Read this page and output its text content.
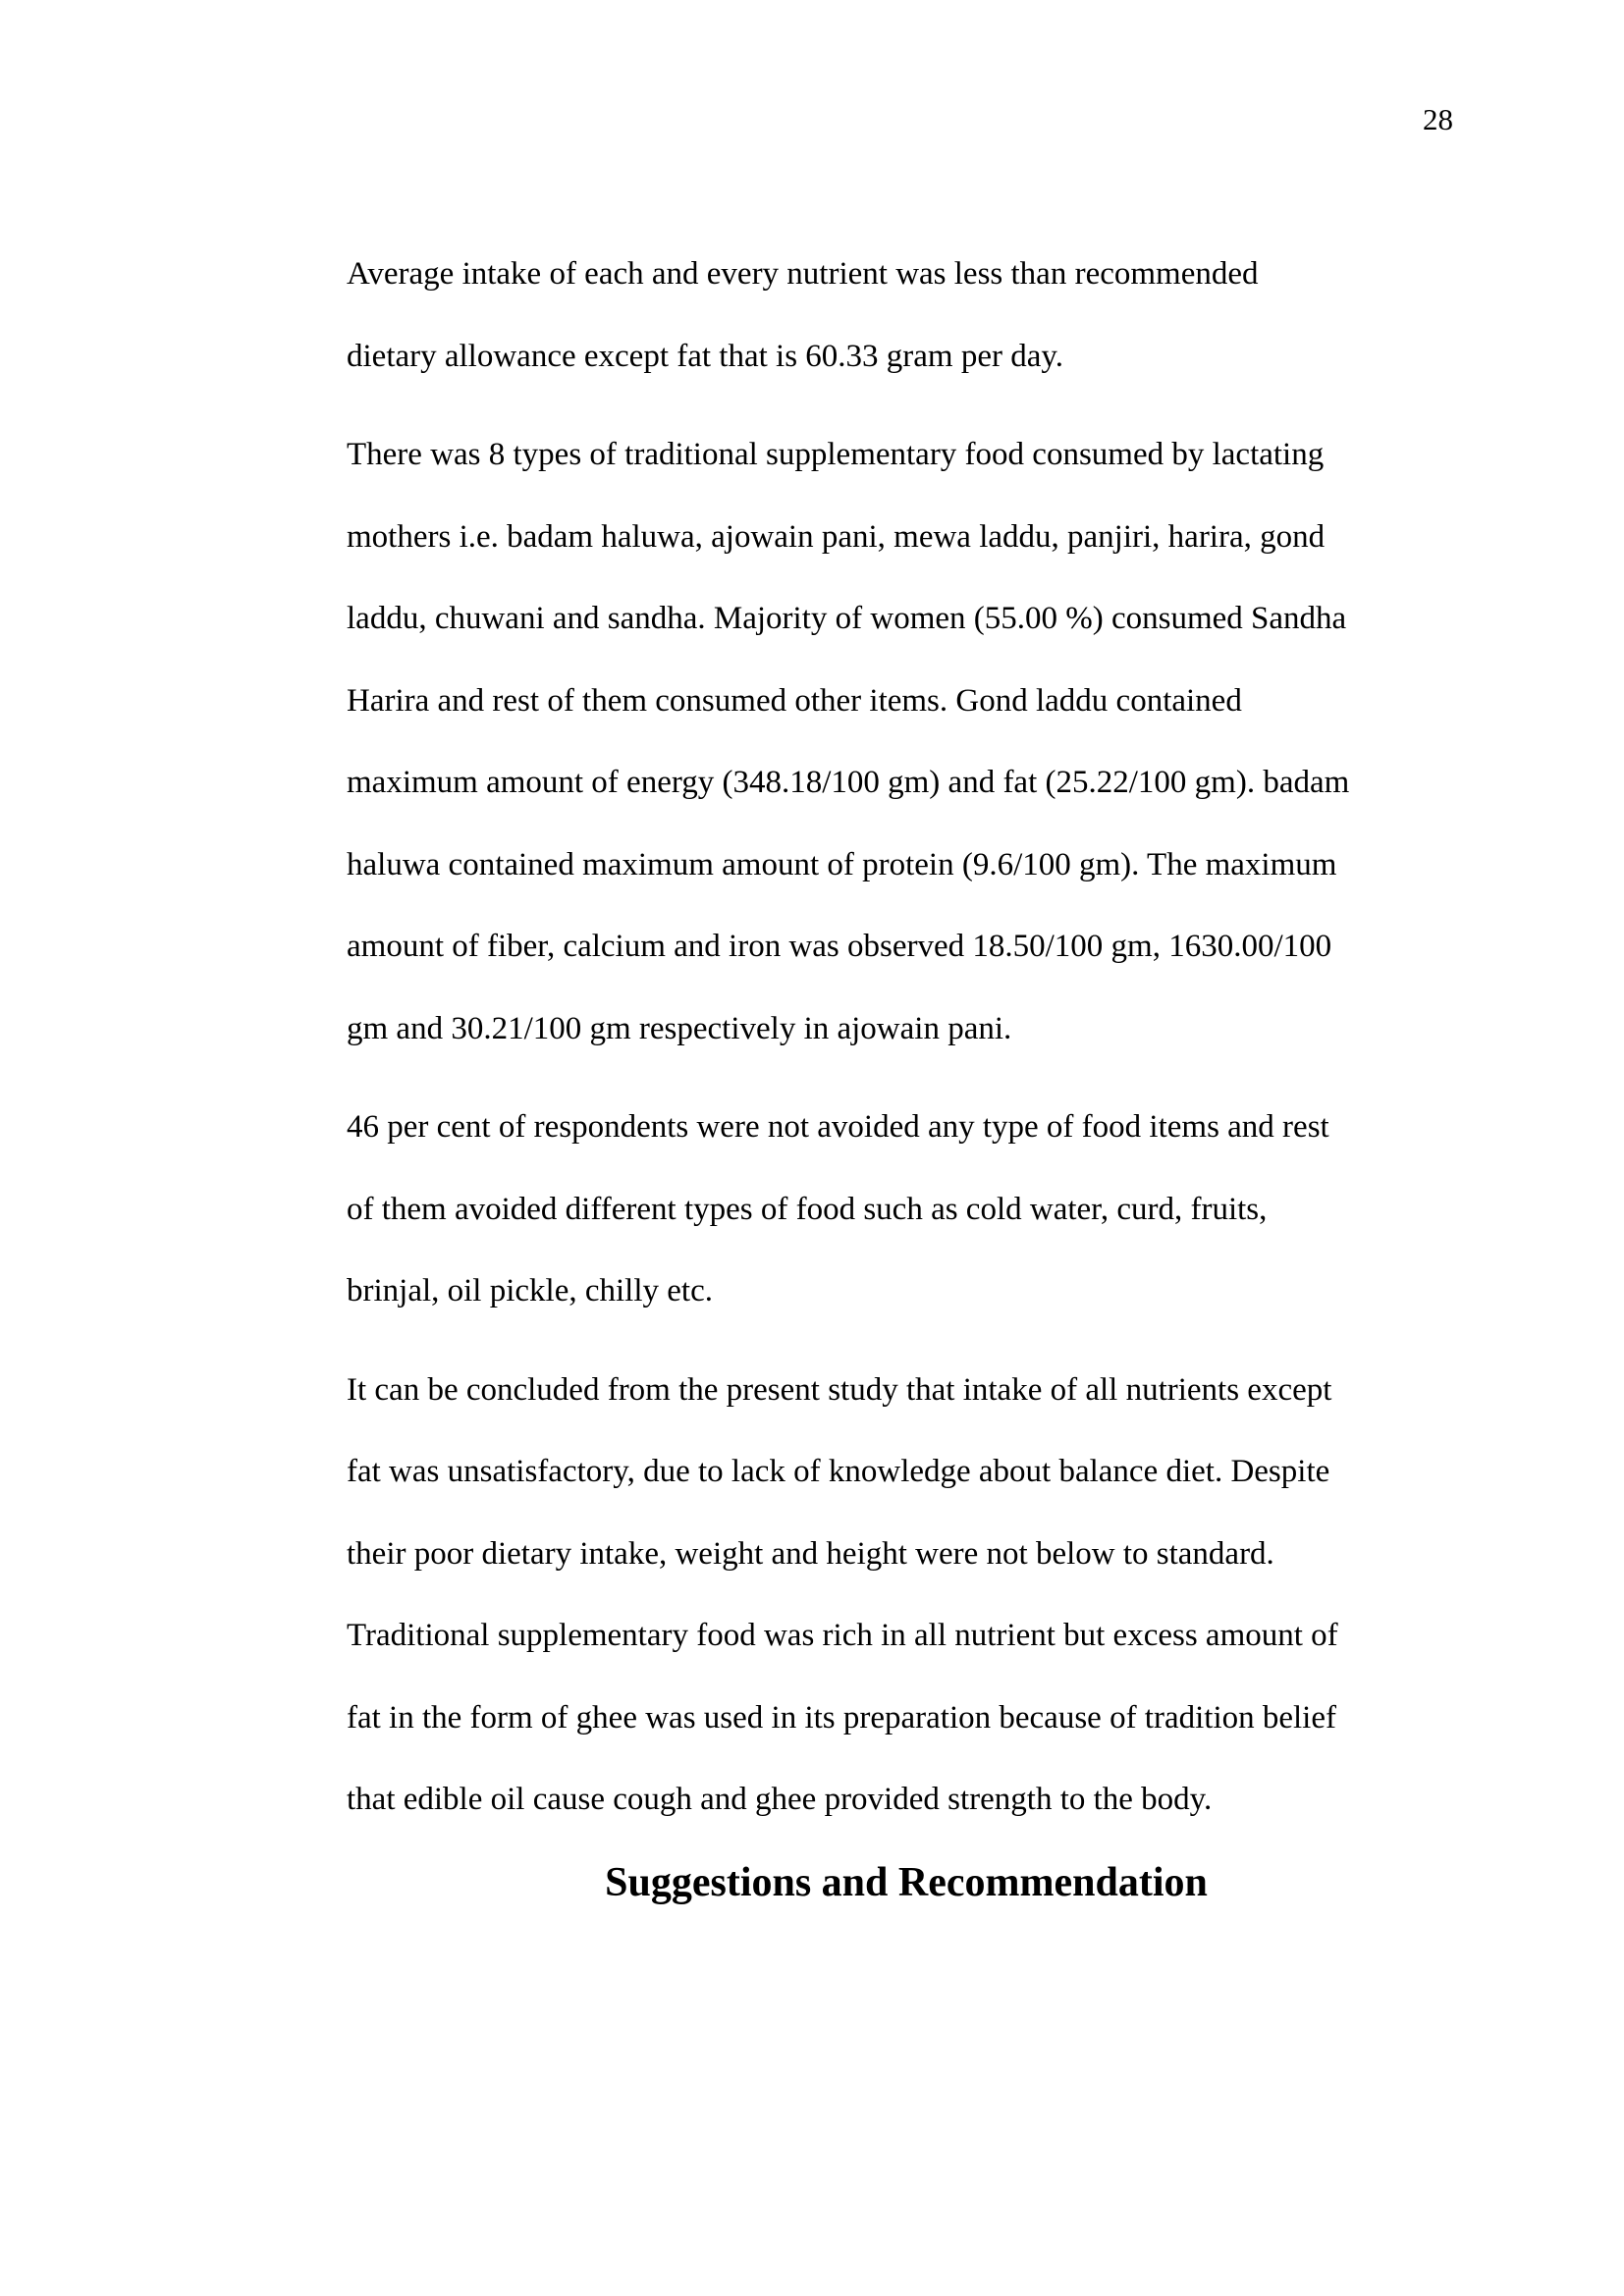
28

Average intake of each and every nutrient was less than recommended
dietary allowance except fat that is 60.33 gram per day.

There was 8 types of traditional supplementary food consumed by lactating
mothers i.e. badam haluwa, ajowain pani, mewa laddu, panjiri, harira, gond
laddu, chuwani and sandha. Majority of women (55.00 %) consumed Sandha
Harira and rest of them consumed other items. Gond laddu contained
maximum amount of energy (348.18/100 gm) and fat (25.22/100 gm). badam
haluwa contained maximum amount of protein (9.6/100 gm). The maximum
amount of fiber, calcium and iron was observed 18.50/100 gm, 1630.00/100
gm and 30.21/100 gm respectively in ajowain pani.

46 per cent of respondents were not avoided any type of food items and rest
of them avoided different types of food such as cold water, curd, fruits,
brinjal, oil pickle, chilly etc.

It can be concluded from the present study that intake of all nutrients except
fat was unsatisfactory, due to lack of knowledge about balance diet. Despite
their poor dietary intake, weight and height were not below to standard.
Traditional supplementary food was rich in all nutrient but excess amount of
fat in the form of ghee was used in its preparation because of tradition belief
that edible oil cause cough and ghee provided strength to the body.

Suggestions and Recommendation
